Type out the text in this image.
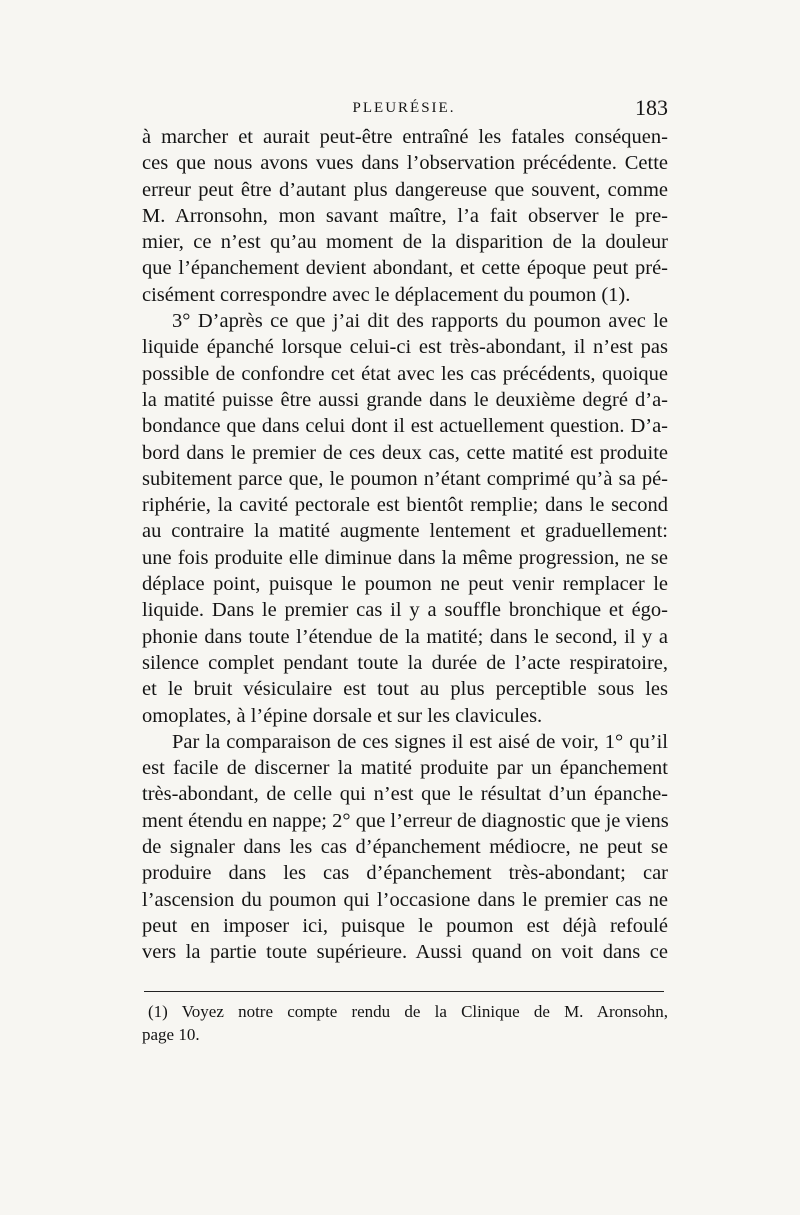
PLEURÉSIE.	183
à marcher et aurait peut-être entraîné les fatales conséquen-
ces que nous avons vues dans l’observation précédente. Cette
erreur peut être d’autant plus dangereuse que souvent, comme
M. Arronsohn, mon savant maître, l’a fait observer le pre-
mier, ce n’est qu’au moment de la disparition de la douleur
que l’épanchement devient abondant, et cette époque peut pré-
cisément correspondre avec le déplacement du poumon (1).
3° D’après ce que j’ai dit des rapports du poumon avec le
liquide épanché lorsque celui-ci est très-abondant, il n’est pas
possible de confondre cet état avec les cas précédents, quoique
la matité puisse être aussi grande dans le deuxième degré d’a-
bondance que dans celui dont il est actuellement question. D’a-
bord dans le premier de ces deux cas, cette matité est produite
subitement parce que, le poumon n’étant comprimé qu’à sa pé-
riphérie, la cavité pectorale est bientôt remplie; dans le second
au contraire la matité augmente lentement et graduellement:
une fois produite elle diminue dans la même progression, ne se
déplace point, puisque le poumon ne peut venir remplacer le
liquide. Dans le premier cas il y a souffle bronchique et égo-
phonie dans toute l’étendue de la matité; dans le second, il y a
silence complet pendant toute la durée de l’acte respiratoire,
et le bruit vésiculaire est tout au plus perceptible sous les
omoplates, à l’épine dorsale et sur les clavicules.
Par la comparaison de ces signes il est aisé de voir, 1° qu’il
est facile de discerner la matité produite par un épanchement
très-abondant, de celle qui n’est que le résultat d’un épanche-
ment étendu en nappe; 2° que l’erreur de diagnostic que je viens
de signaler dans les cas d’épanchement médiocre, ne peut se
produire dans les cas d’épanchement très-abondant; car
l’ascension du poumon qui l’occasione dans le premier cas ne
peut en imposer ici, puisque le poumon est déjà refoulé
vers la partie toute supérieure. Aussi quand on voit dans ce
(1) Voyez notre compte rendu de la Clinique de M. Aronsohn,
page 10.
